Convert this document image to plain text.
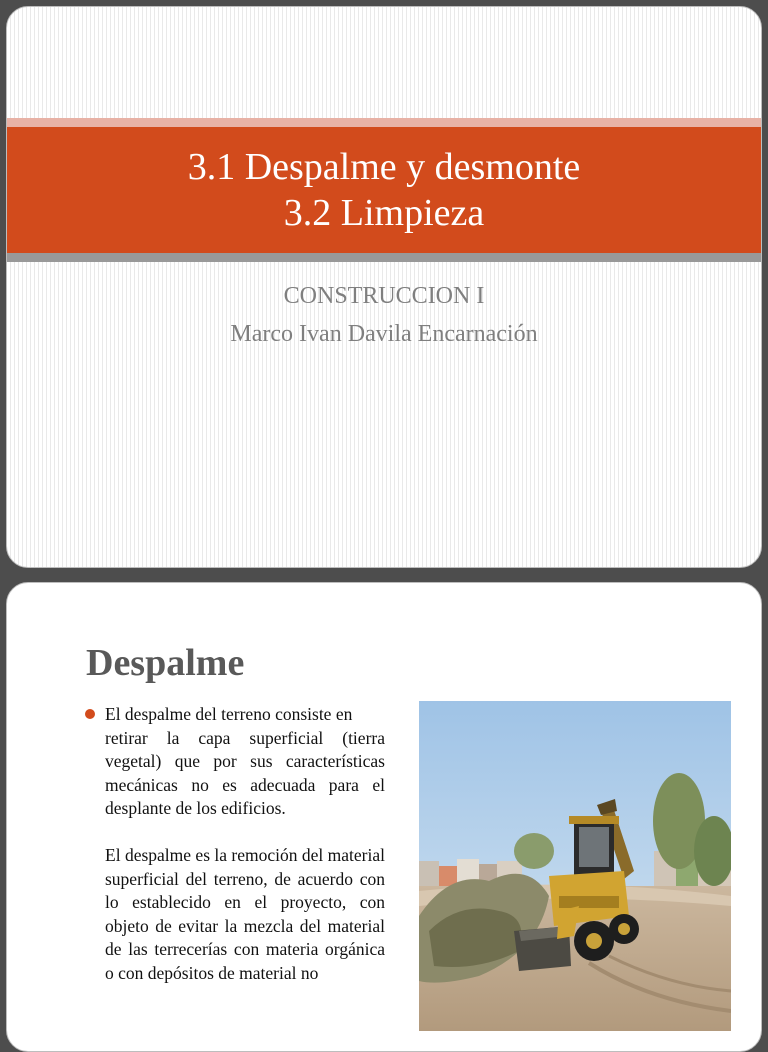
3.1 Despalme y desmonte
3.2 Limpieza
CONSTRUCCION I
Marco Ivan Davila Encarnación
Despalme

El despalme del terreno consiste en

retirar la capa superficial (tierra vegetal) que por sus características mecánicas no es adecuada para el desplante de los edificios.

El despalme es la remoción del material superficial del terreno, de acuerdo con lo establecido en el proyecto, con objeto de evitar la mezcla del material de las terrecerías con materia orgánica o con depósitos de material no
